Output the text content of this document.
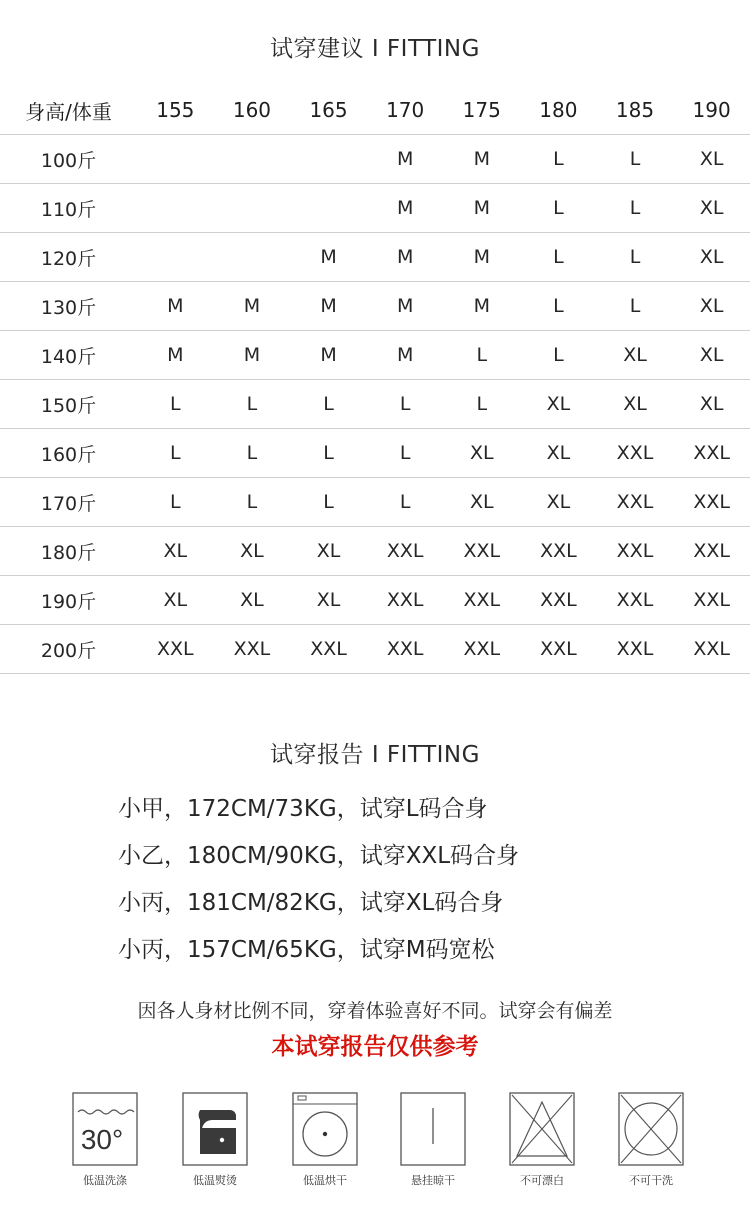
试穿建议 I FITTING
身高/体重	155	160	165	170	175	180	185	190
100斤				M	M	L	L	XL
110斤				M	M	L	L	XL
120斤			M	M	M	L	L	XL
130斤	M	M	M	M	M	L	L	XL
140斤	M	M	M	M	L	L	XL	XL
150斤	L	L	L	L	L	XL	XL	XL
160斤	L	L	L	L	XL	XL	XXL	XXL
170斤	L	L	L	L	XL	XL	XXL	XXL
180斤	XL	XL	XL	XXL	XXL	XXL	XXL	XXL
190斤	XL	XL	XL	XXL	XXL	XXL	XXL	XXL
200斤	XXL	XXL	XXL	XXL	XXL	XXL	XXL	XXL
试穿报告 I FITTING
小甲，172CM/73KG，试穿L码合身
小乙，180CM/90KG，试穿XXL码合身
小丙，181CM/82KG，试穿XL码合身
小丙，157CM/65KG，试穿M码宽松
因各人身材比例不同，穿着体验喜好不同。试穿会有偏差
本试穿报告仅供参考
30°
低温洗涤	低温熨烫	低温烘干	悬挂晾干	不可漂白	不可干洗
